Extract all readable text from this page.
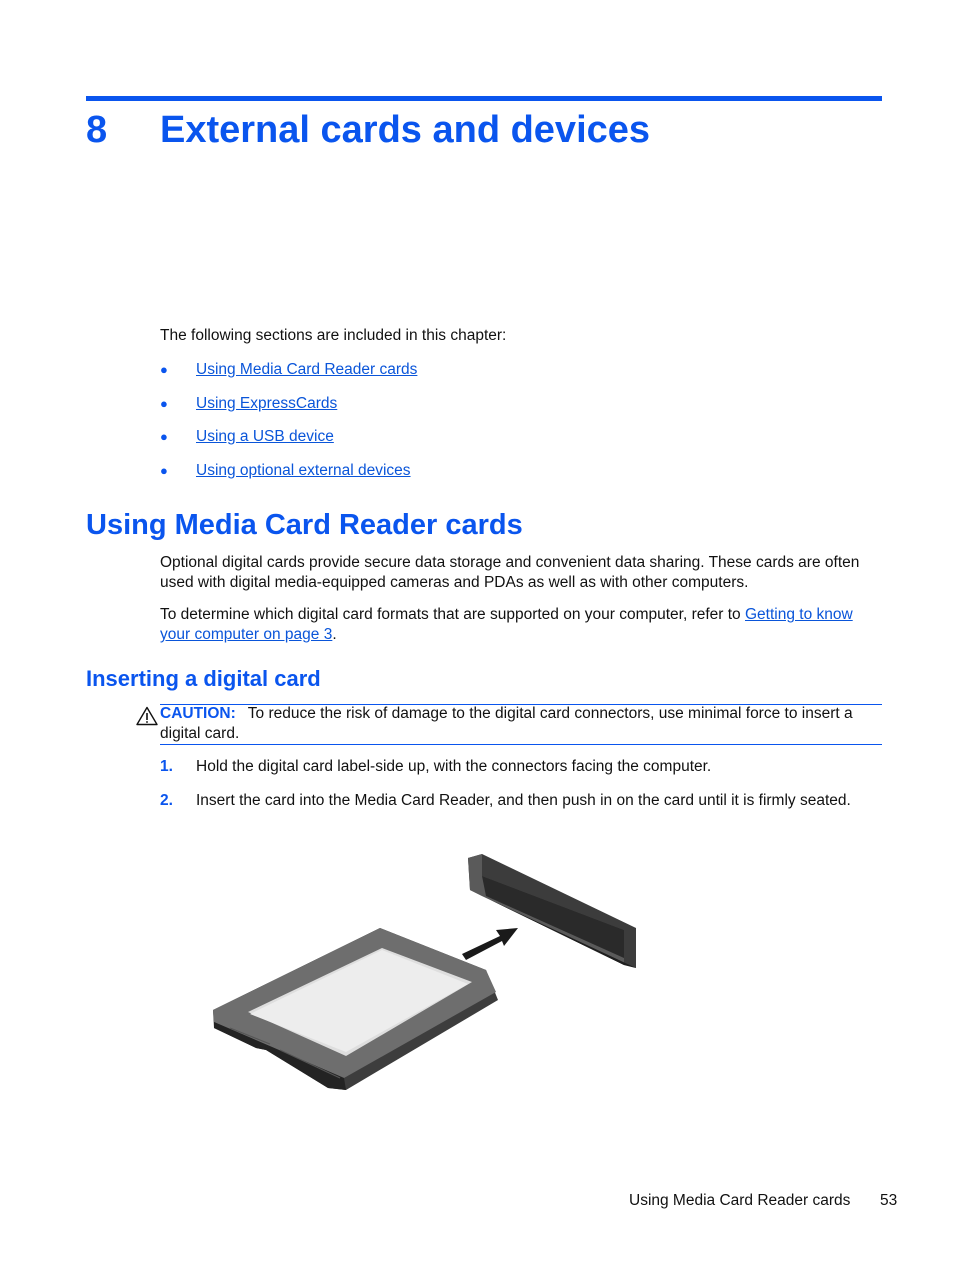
8 External cards and devices
The following sections are included in this chapter:
● Using Media Card Reader cards
● Using ExpressCards
● Using a USB device
● Using optional external devices
Using Media Card Reader cards
Optional digital cards provide secure data storage and convenient data sharing. These cards are often used with digital media-equipped cameras and PDAs as well as with other computers.
To determine which digital card formats that are supported on your computer, refer to Getting to know your computer on page 3.
Inserting a digital card
CAUTION: To reduce the risk of damage to the digital card connectors, use minimal force to insert a digital card.
1. Hold the digital card label-side up, with the connectors facing the computer.
2. Insert the card into the Media Card Reader, and then push in on the card until it is firmly seated.
Using Media Card Reader cards 53
